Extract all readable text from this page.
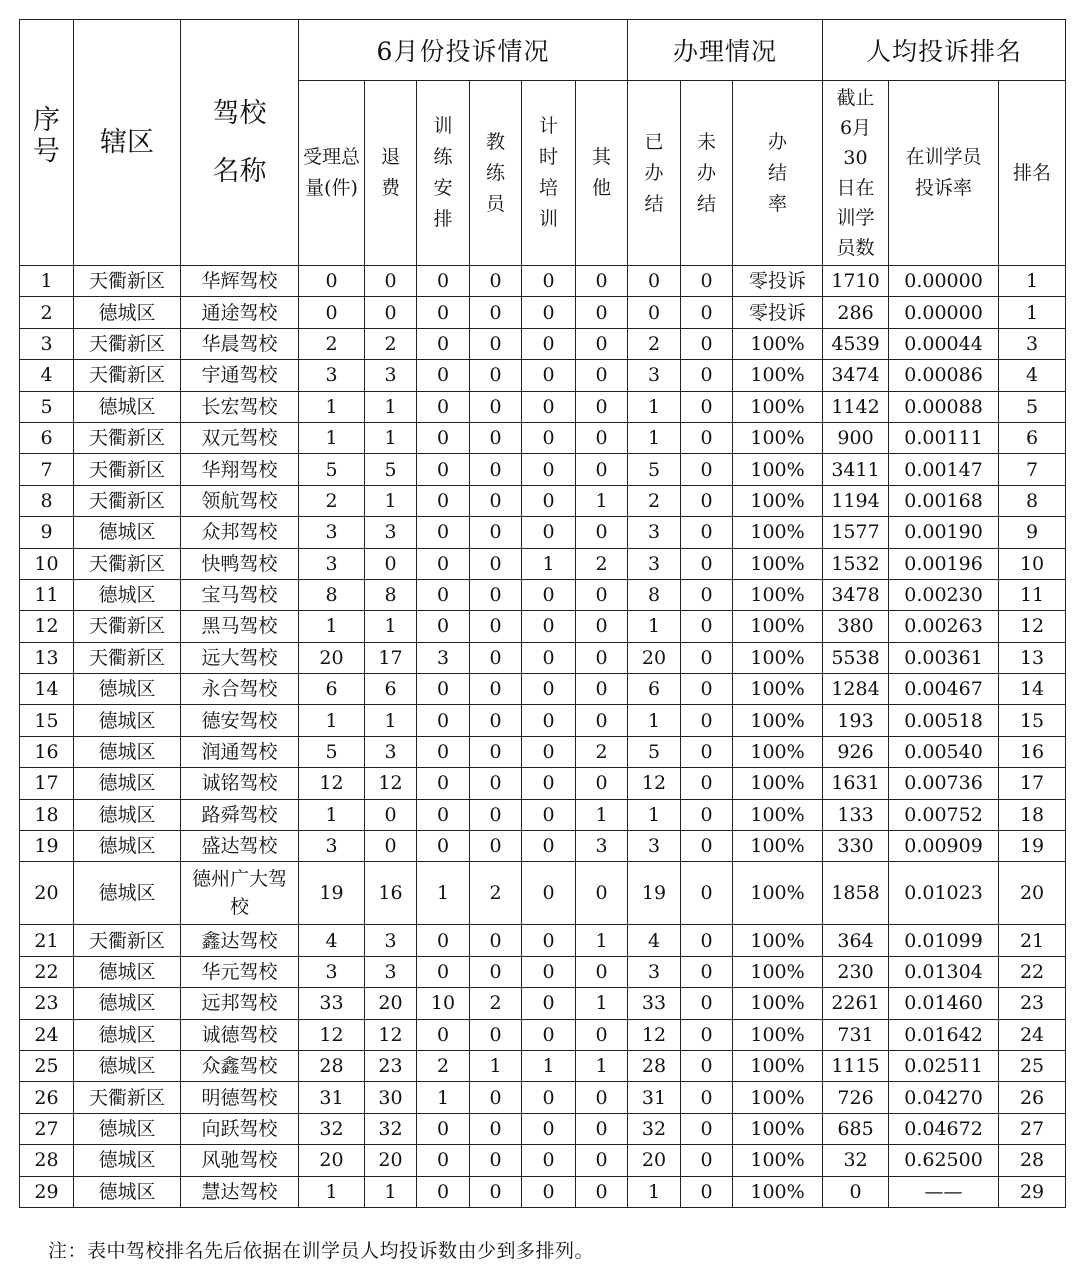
序号	辖区	驾校名称	6月份投诉情况						办理情况			人均投诉排名		
			受理总量(件)	退费	训练安排	教练员	计时培训	其他	已办结	未办结	办结率	截止6月30日在训学员数	在训学员投诉率	排名
1	天衢新区	华辉驾校	0	0	0	0	0	0	0	0	零投诉	1710	0.00000	1
2	德城区	通途驾校	0	0	0	0	0	0	0	0	零投诉	286	0.00000	1
3	天衢新区	华晨驾校	2	2	0	0	0	0	2	0	100%	4539	0.00044	3
4	天衢新区	宇通驾校	3	3	0	0	0	0	3	0	100%	3474	0.00086	4
5	德城区	长宏驾校	1	1	0	0	0	0	1	0	100%	1142	0.00088	5
6	天衢新区	双元驾校	1	1	0	0	0	0	1	0	100%	900	0.00111	6
7	天衢新区	华翔驾校	5	5	0	0	0	0	5	0	100%	3411	0.00147	7
8	天衢新区	领航驾校	2	1	0	0	0	1	2	0	100%	1194	0.00168	8
9	德城区	众邦驾校	3	3	0	0	0	0	3	0	100%	1577	0.00190	9
10	天衢新区	快鸭驾校	3	0	0	0	1	2	3	0	100%	1532	0.00196	10
11	德城区	宝马驾校	8	8	0	0	0	0	8	0	100%	3478	0.00230	11
12	天衢新区	黑马驾校	1	1	0	0	0	0	1	0	100%	380	0.00263	12
13	天衢新区	远大驾校	20	17	3	0	0	0	20	0	100%	5538	0.00361	13
14	德城区	永合驾校	6	6	0	0	0	0	6	0	100%	1284	0.00467	14
15	德城区	德安驾校	1	1	0	0	0	0	1	0	100%	193	0.00518	15
16	德城区	润通驾校	5	3	0	0	0	2	5	0	100%	926	0.00540	16
17	德城区	诚铭驾校	12	12	0	0	0	0	12	0	100%	1631	0.00736	17
18	德城区	路舜驾校	1	0	0	0	0	1	1	0	100%	133	0.00752	18
19	德城区	盛达驾校	3	0	0	0	0	3	3	0	100%	330	0.00909	19
20	德城区	德州广大驾校	19	16	1	2	0	0	19	0	100%	1858	0.01023	20
21	天衢新区	鑫达驾校	4	3	0	0	0	1	4	0	100%	364	0.01099	21
22	德城区	华元驾校	3	3	0	0	0	0	3	0	100%	230	0.01304	22
23	德城区	远邦驾校	33	20	10	2	0	1	33	0	100%	2261	0.01460	23
24	德城区	诚德驾校	12	12	0	0	0	0	12	0	100%	731	0.01642	24
25	德城区	众鑫驾校	28	23	2	1	1	1	28	0	100%	1115	0.02511	25
26	天衢新区	明德驾校	31	30	1	0	0	0	31	0	100%	726	0.04270	26
27	德城区	向跃驾校	32	32	0	0	0	0	32	0	100%	685	0.04672	27
28	德城区	风驰驾校	20	20	0	0	0	0	20	0	100%	32	0.62500	28
29	德城区	慧达驾校	1	1	0	0	0	0	1	0	100%	0	——	29
注：表中驾校排名先后依据在训学员人均投诉数由少到多排列。
